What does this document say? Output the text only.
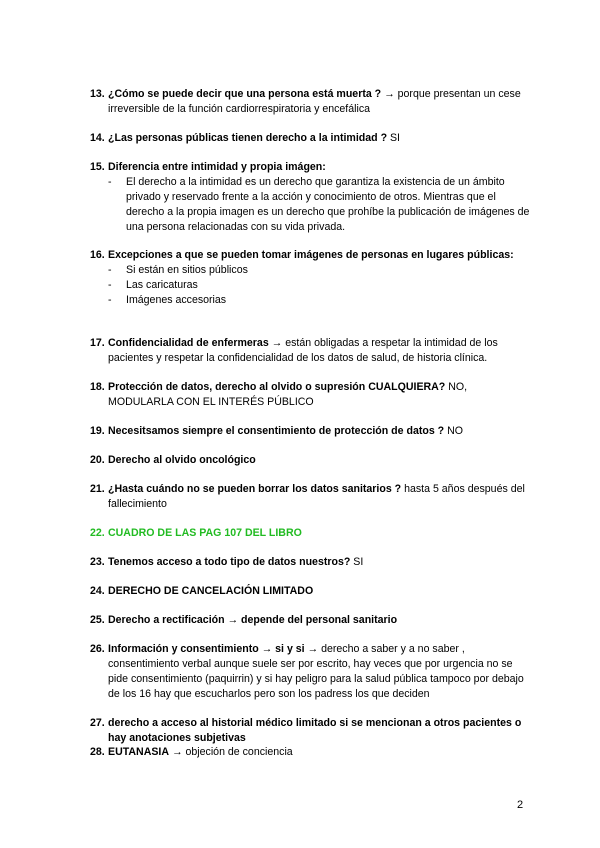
13. ¿Cómo se puede decir que una persona está muerta ? → porque presentan un cese irreversible de la función cardiorrespiratoria y encefálica
14. ¿Las personas públicas tienen derecho a la intimidad ? SI
15. Diferencia entre intimidad y propia imágen:
- El derecho a la intimidad es un derecho que garantiza la existencia de un ámbito privado y reservado frente a la acción y conocimiento de otros. Mientras que el derecho a la propia imagen es un derecho que prohíbe la publicación de imágenes de una persona relacionadas con su vida privada.
16. Excepciones a que se pueden tomar imágenes de personas en lugares públicas:
- Si están en sitios públicos
- Las caricaturas
- Imágenes accesorias
17. Confidencialidad de enfermeras → están obligadas a respetar la intimidad de los pacientes y respetar la confidencialidad de los datos de salud, de historia clínica.
18. Protección de datos, derecho al olvido o supresión CUALQUIERA? NO, MODULARLA CON EL INTERÉS PÚBLICO
19. Necesitsamos siempre el consentimiento de protección de datos ? NO
20. Derecho al olvido oncológico
21. ¿Hasta cuándo no se pueden borrar los datos sanitarios ? hasta 5 años después del fallecimiento
22. CUADRO DE LAS PAG 107 DEL LIBRO
23. Tenemos acceso a todo tipo de datos nuestros? SI
24. DERECHO DE CANCELACIÓN LIMITADO
25. Derecho a rectificación → depende del personal sanitario
26. Información y consentimiento → si y si → derecho a saber y a no saber , consentimiento verbal aunque suele ser por escrito, hay veces que por urgencia no se pide consentimiento (paquirrin) y si hay peligro para la salud pública tampoco por debajo de los 16 hay que escucharlos pero son los padress los que deciden
27. derecho a acceso al historial médico limitado si se mencionan a otros pacientes o hay anotaciones subjetivas
28. EUTANASIA → objeción de conciencia
2
